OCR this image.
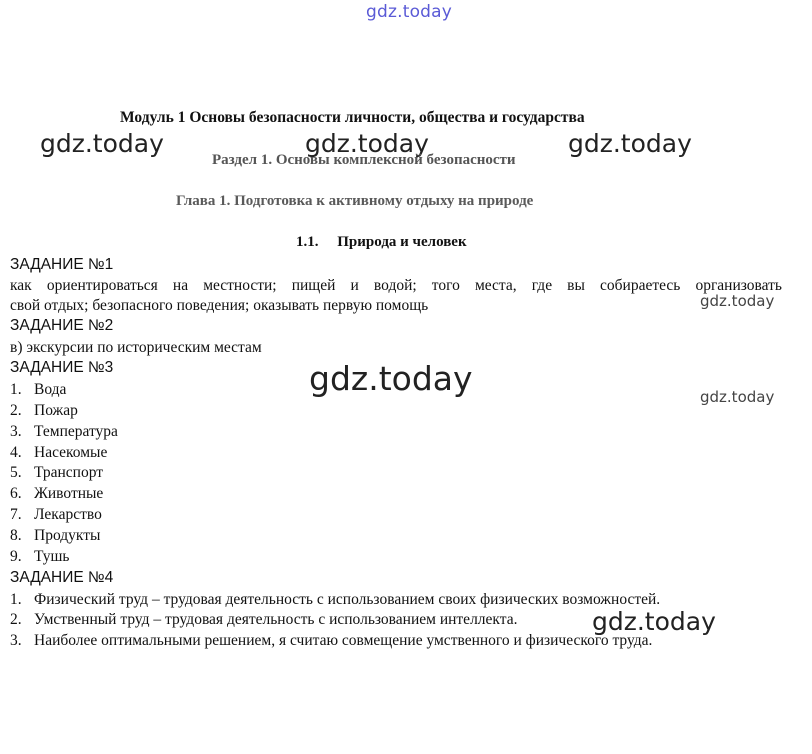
gdz.today
gdz.today	gdz.today	gdz.today
gdz.today
gdz.today	gdz.today
gdz.today
Модуль 1 Основы безопасности личности, общества и государства
Раздел 1. Основы комплексной безопасности
Глава 1. Подготовка к активному отдыху на природе
1.1.     Природа и человек
ЗАДАНИЕ №1
как ориентироваться на местности; пищей и водой; того места, где вы собираетесь организовать
свой отдых; безопасного поведения; оказывать первую помощь
ЗАДАНИЕ №2
в) экскурсии по историческим местам
ЗАДАНИЕ №3
1. Вода
2. Пожар
3. Температура
4. Насекомые
5. Транспорт
6. Животные
7. Лекарство
8. Продукты
9. Тушь
ЗАДАНИЕ №4
1. Физический труд – трудовая деятельность с использованием своих физических возможностей.
2. Умственный труд – трудовая деятельность с использованием интеллекта.
3. Наиболее оптимальными решением, я считаю совмещение умственного и физического труда.
